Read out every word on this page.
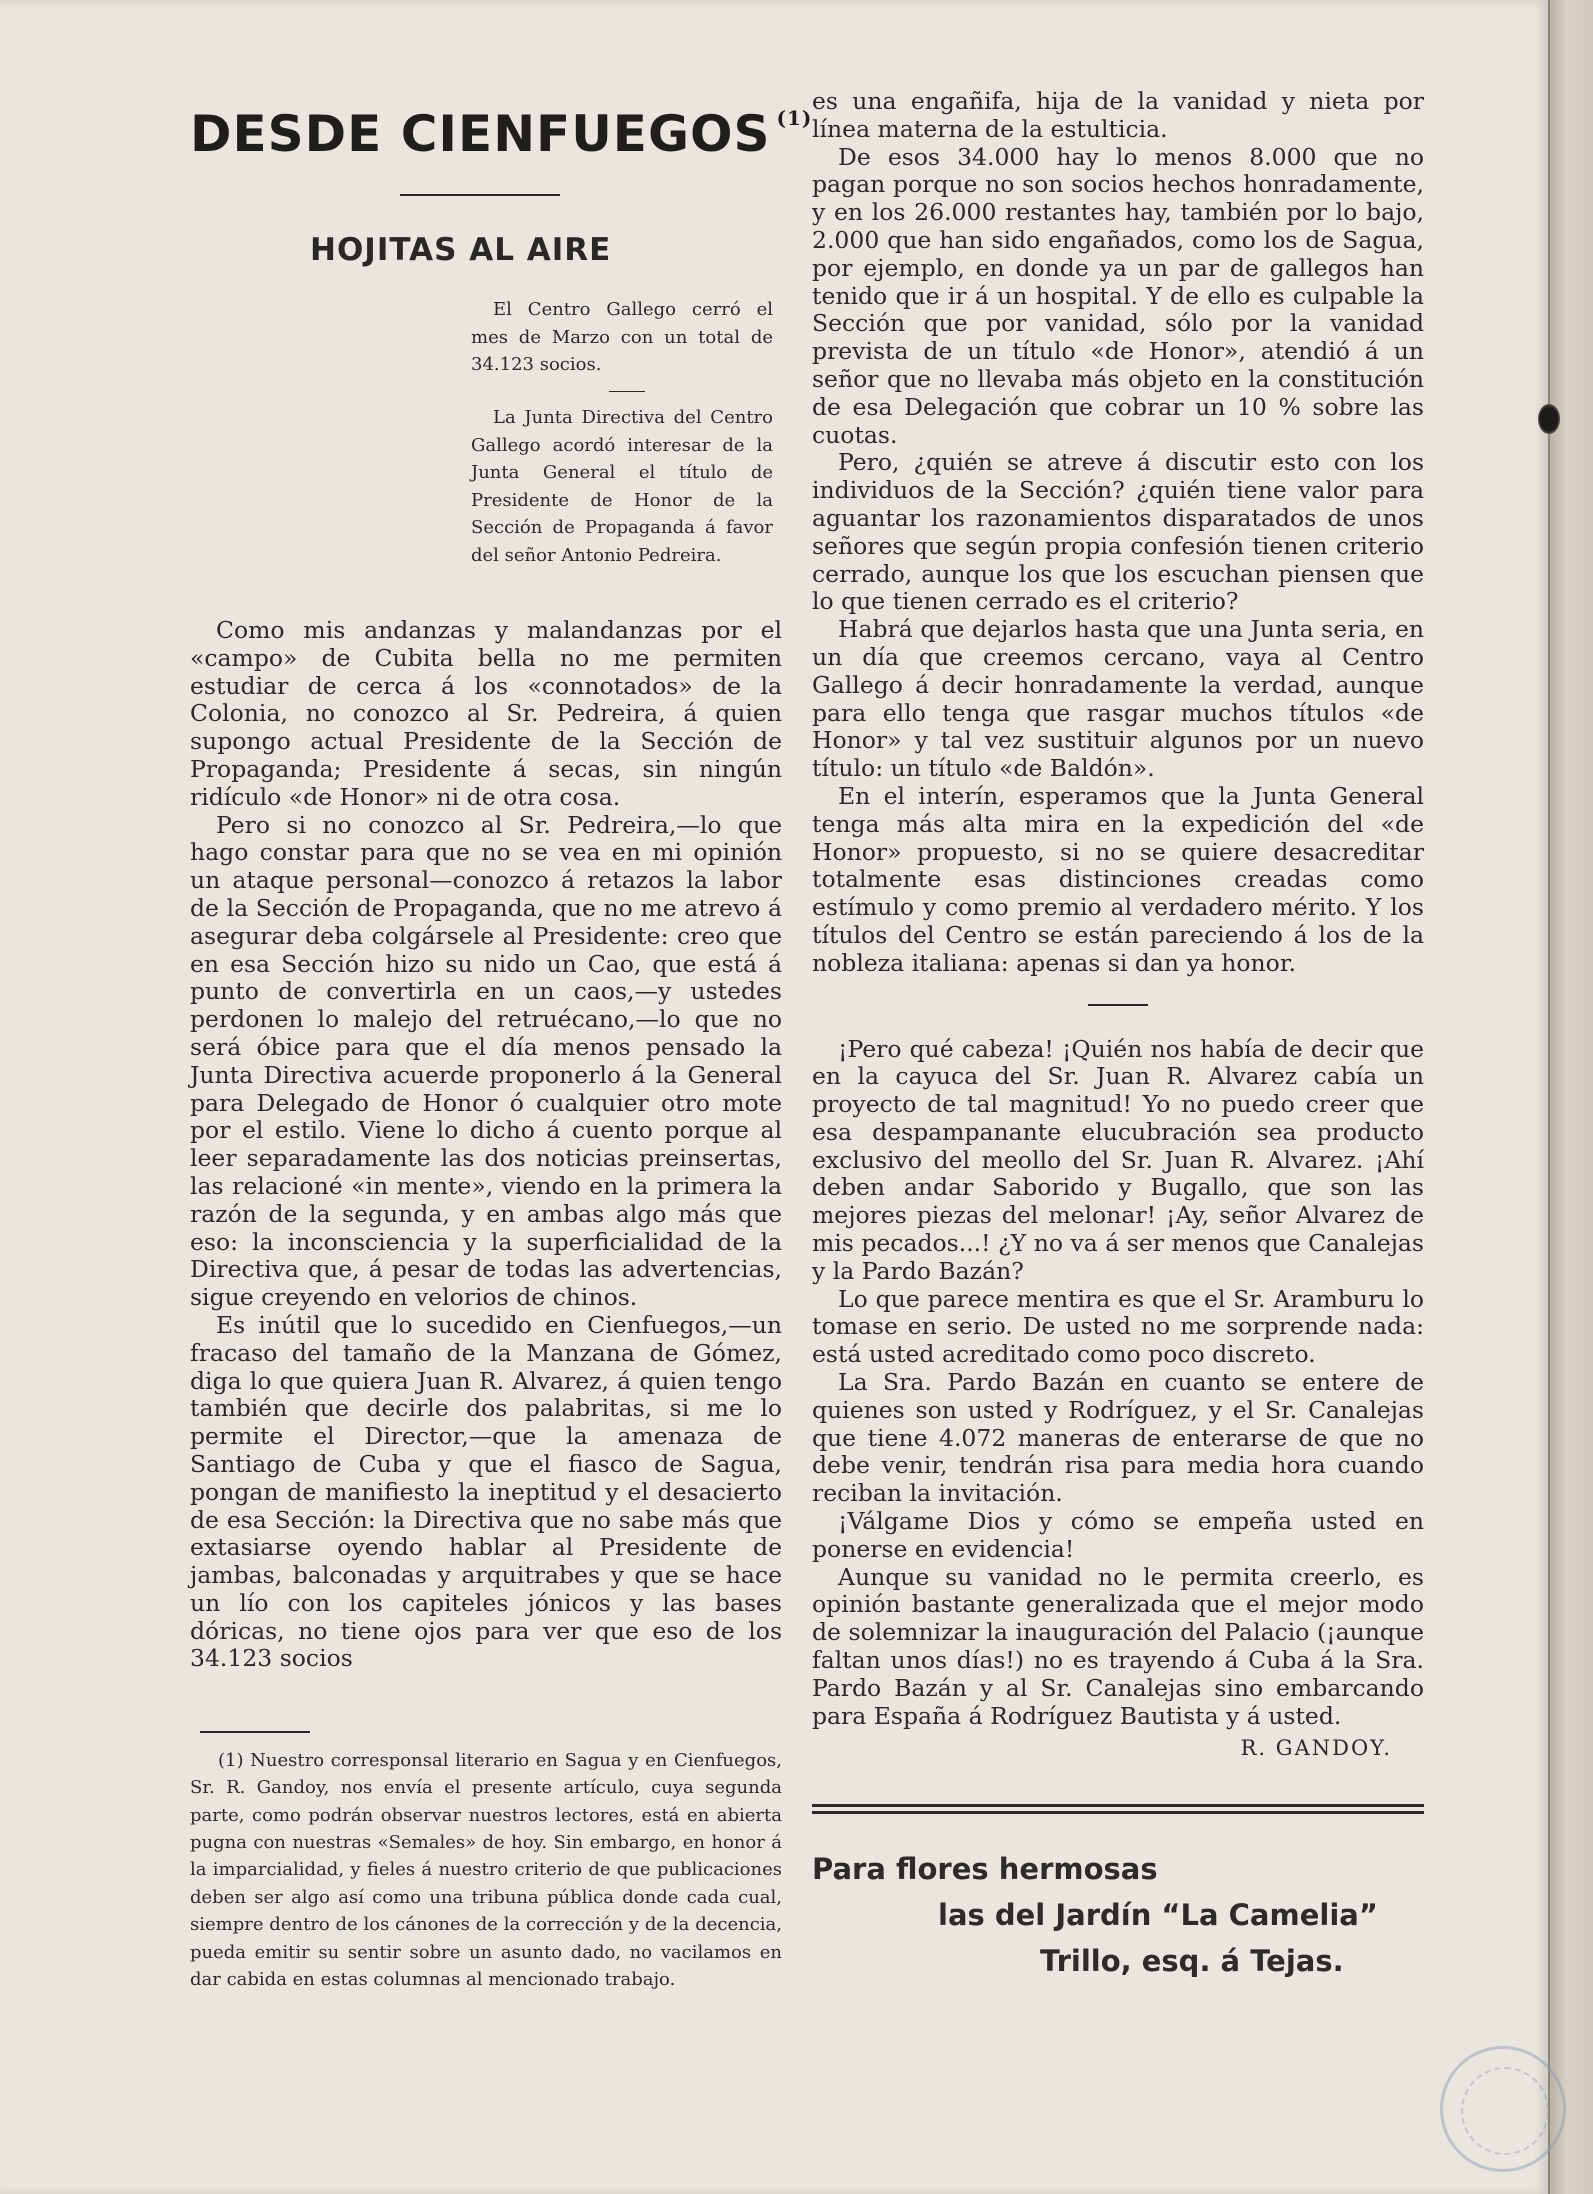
DESDE CIENFUEGOS $^{(1)}$
HOJITAS AL AIRE

El Centro Gallego cerró el mes de Marzo con un total de 34.123 socios.

La Junta Directiva del Centro Gallego acordó interesar de la Junta General el título de Presidente de Honor de la Sección de Propaganda á favor del señor Antonio Pedreira.

Como mis andanzas y malandanzas por el «campo» de Cubita bella no me permiten estudiar de cerca á los «connotados» de la Colonia, no conozco al Sr. Pedreira, á quien supongo actual Presidente de la Sección de Propaganda; Presidente á secas, sin ningún ridículo «de Honor» ni de otra cosa.

Pero si no conozco al Sr. Pedreira,—lo que hago constar para que no se vea en mi opinión un ataque personal—conozco á retazos la labor de la Sección de Propaganda, que no me atrevo á asegurar deba colgársele al Presidente: creo que en esa Sección hizo su nido un Cao, que está á punto de convertirla en un caos,—y ustedes perdonen lo malejo del retruécano,—lo que no será óbice para que el día menos pensado la Junta Directiva acuerde proponerlo á la General para Delegado de Honor ó cualquier otro mote por el estilo. Viene lo dicho á cuento porque al leer separadamente las dos noticias preinsertas, las relacioné «in mente», viendo en la primera la razón de la segunda, y en ambas algo más que eso: la inconsciencia y la superficialidad de la Directiva que, á pesar de todas las advertencias, sigue creyendo en velorios de chinos.

Es inútil que lo sucedido en Cienfuegos,—un fracaso del tamaño de la Manzana de Gómez, diga lo que quiera Juan R. Alvarez, á quien tengo también que decirle dos palabritas, si me lo permite el Director,—que la amenaza de Santiago de Cuba y que el fiasco de Sagua, pongan de manifiesto la ineptitud y el desacierto de esa Sección: la Directiva que no sabe más que extasiarse oyendo hablar al Presidente de jambas, balconadas y arquitrabes y que se hace un lío con los capiteles jónicos y las bases dóricas, no tiene ojos para ver que eso de los 34.123 socios

(1) Nuestro corresponsal literario en Sagua y en Cienfuegos, Sr. R. Gandoy, nos envía el presente artículo, cuya segunda parte, como podrán observar nuestros lectores, está en abierta pugna con nuestras «Semales» de hoy. Sin embargo, en honor á la imparcialidad, y fieles á nuestro criterio de que publicaciones deben ser algo así como una tribuna pública donde cada cual, siempre dentro de los cánones de la corrección y de la decencia, pueda emitir su sentir sobre un asunto dado, no vacilamos en dar cabida en estas columnas al mencionado trabajo.

es una engañifa, hija de la vanidad y nieta por línea materna de la estulticia.

De esos 34.000 hay lo menos 8.000 que no pagan porque no son socios hechos honradamente, y en los 26.000 restantes hay, también por lo bajo, 2.000 que han sido engañados, como los de Sagua, por ejemplo, en donde ya un par de gallegos han tenido que ir á un hospital. Y de ello es culpable la Sección que por vanidad, sólo por la vanidad prevista de un título «de Honor», atendió á un señor que no llevaba más objeto en la constitución de esa Delegación que cobrar un 10 % sobre las cuotas.

Pero, ¿quién se atreve á discutir esto con los individuos de la Sección? ¿quién tiene valor para aguantar los razonamientos disparatados de unos señores que según propia confesión tienen criterio cerrado, aunque los que los escuchan piensen que lo que tienen cerrado es el criterio?

Habrá que dejarlos hasta que una Junta seria, en un día que creemos cercano, vaya al Centro Gallego á decir honradamente la verdad, aunque para ello tenga que rasgar muchos títulos «de Honor» y tal vez sustituir algunos por un nuevo título: un título «de Baldón».

En el interín, esperamos que la Junta General tenga más alta mira en la expedición del «de Honor» propuesto, si no se quiere desacreditar totalmente esas distinciones creadas como estímulo y como premio al verdadero mérito. Y los títulos del Centro se están pareciendo á los de la nobleza italiana: apenas si dan ya honor.

¡Pero qué cabeza! ¡Quién nos había de decir que en la cayuca del Sr. Juan R. Alvarez cabía un proyecto de tal magnitud! Yo no puedo creer que esa despampanante elucubración sea producto exclusivo del meollo del Sr. Juan R. Alvarez. ¡Ahí deben andar Saborido y Bugallo, que son las mejores piezas del melonar! ¡Ay, señor Alvarez de mis pecados...! ¿Y no va á ser menos que Canalejas y la Pardo Bazán?

Lo que parece mentira es que el Sr. Aramburu lo tomase en serio. De usted no me sorprende nada: está usted acreditado como poco discreto.

La Sra. Pardo Bazán en cuanto se entere de quienes son usted y Rodríguez, y el Sr. Canalejas que tiene 4.072 maneras de enterarse de que no debe venir, tendrán risa para media hora cuando reciban la invitación.

¡Válgame Dios y cómo se empeña usted en ponerse en evidencia!

Aunque su vanidad no le permita creerlo, es opinión bastante generalizada que el mejor modo de solemnizar la inauguración del Palacio (¡aunque faltan unos días!) no es trayendo á Cuba á la Sra. Pardo Bazán y al Sr. Canalejas sino embarcando para España á Rodríguez Bautista y á usted.

R. GANDOY.
Para flores hermosas
las del Jardín “La Camelia”
Trillo, esq. á Tejas.
